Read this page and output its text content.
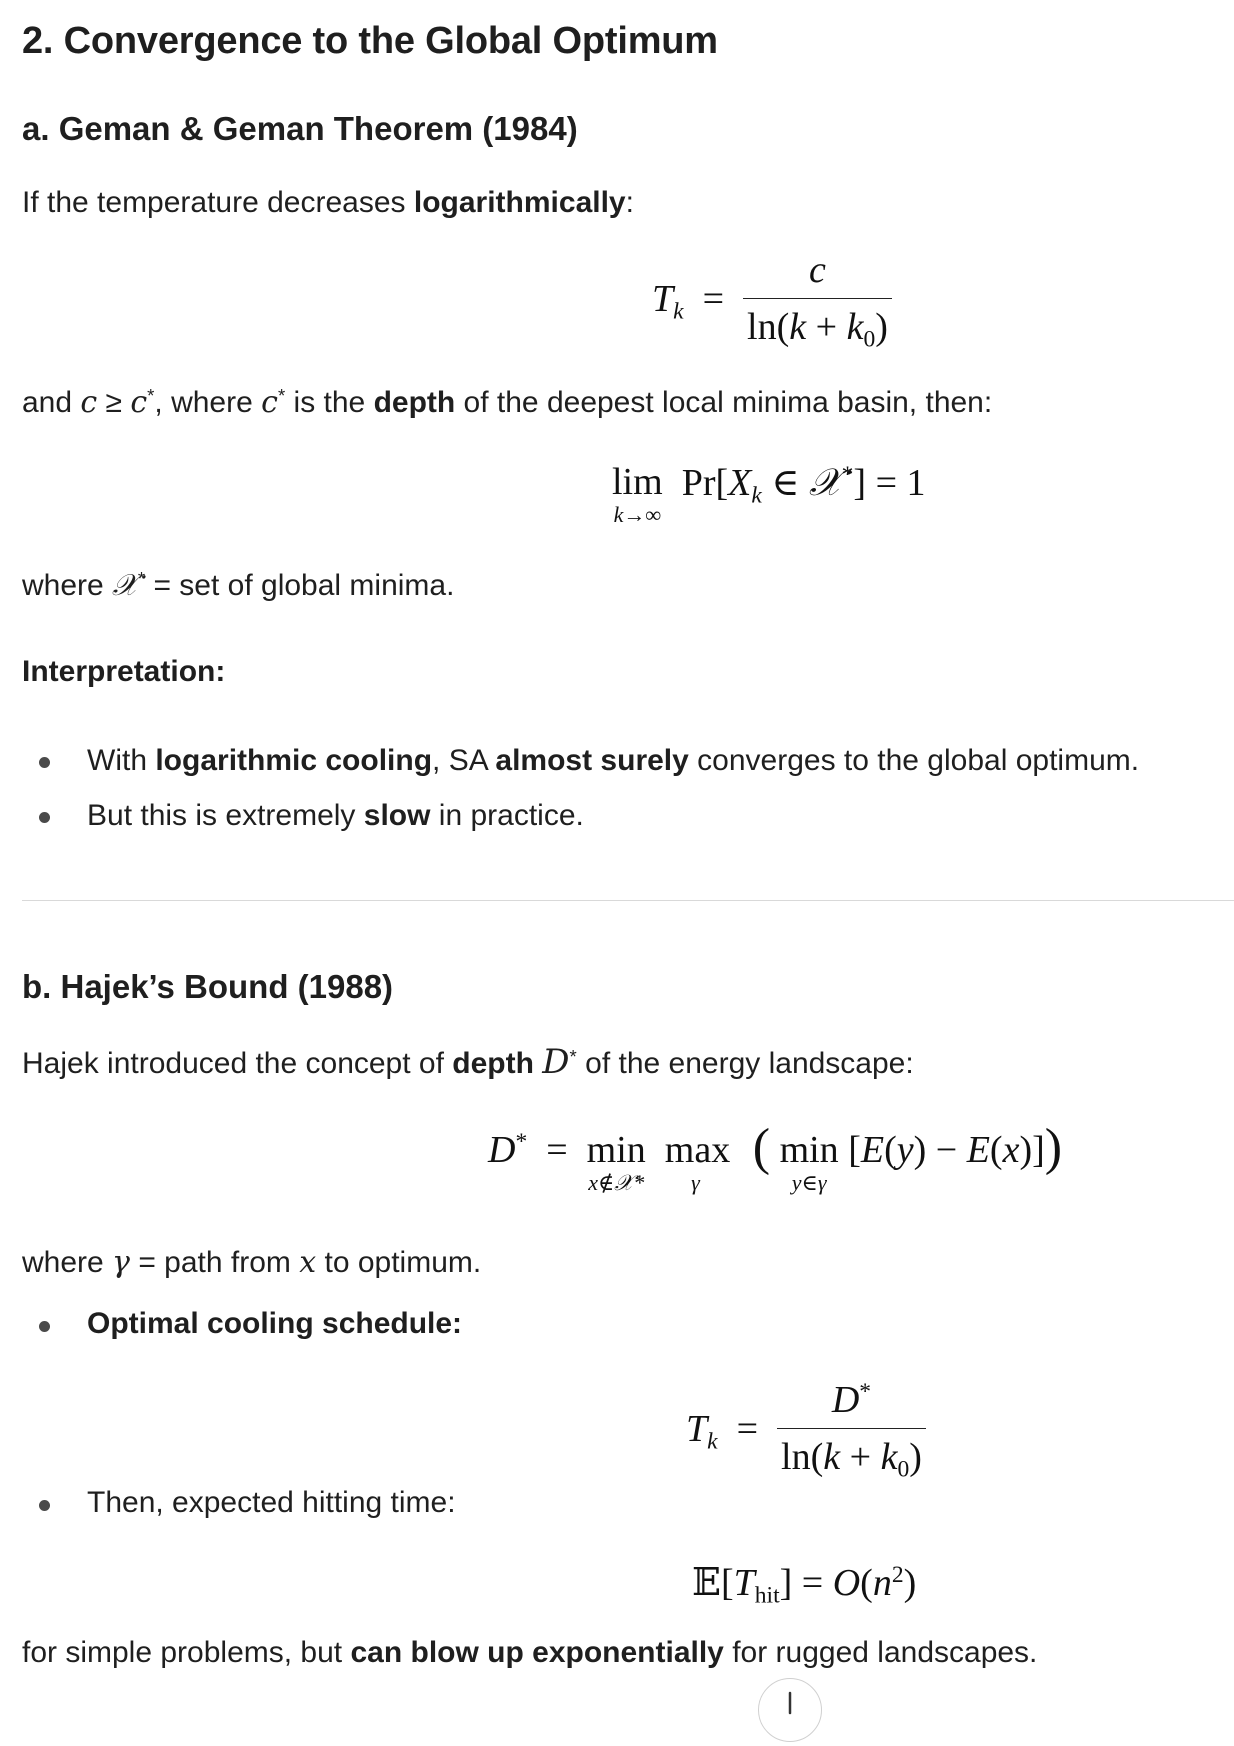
2. Convergence to the Global Optimum
a. Geman & Geman Theorem (1984)
If the temperature decreases logarithmically:
$T_k = \frac{c}{\ln(k + k_0)}$
and c ≥ c*, where c* is the depth of the deepest local minima basin, then:
lim
k→∞
$Pr[X_k$ ∈ 𝒳*] = 1
where 𝒳* = set of global minima.
Interpretation:
With logarithmic cooling, SA almost surely converges to the global optimum.
But this is extremely slow in practice.
b. Hajek’s Bound (1988)
Hajek introduced the concept of depth D* of the energy landscape:
D*  = min
x∉𝒳*

max
γ
( min
y∈γ
[E(y) − E(x)])
where γ = path from x to optimum.
Optimal cooling schedule:
$T_k = \frac{D^*}{\ln(k + k_0)}$
Then, expected hitting time:
$𝔼[T_{hit}] = O(n^2)$
for simple problems, but can blow up exponentially for rugged landscapes.
